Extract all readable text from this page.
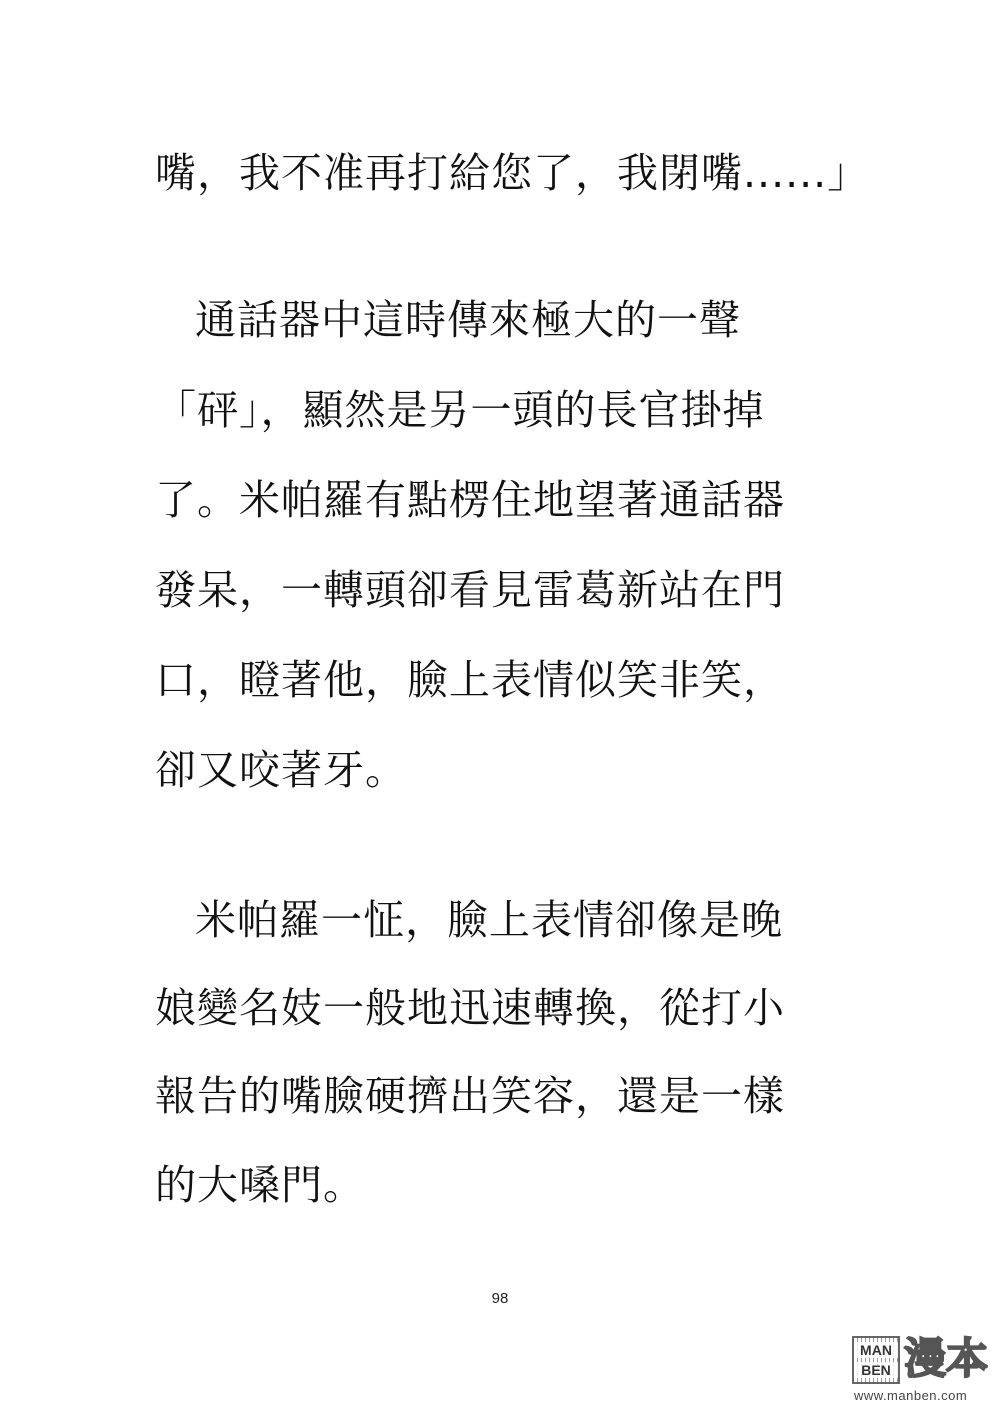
嘴，我不准再打給您了，我閉嘴......」
通話器中這時傳來極大的一聲
「砰」，顯然是另一頭的長官掛掉
了。米帕羅有點楞住地望著通話器
發呆，一轉頭卻看見雷葛新站在門
口，瞪著他，臉上表情似笑非笑，
卻又咬著牙。
米帕羅一怔，臉上表情卻像是晚
娘變名妓一般地迅速轉換，從打小
報告的嘴臉硬擠出笑容，還是一樣
的大嗓門。
98
MAN
BEN 漫本
www.manben.com
